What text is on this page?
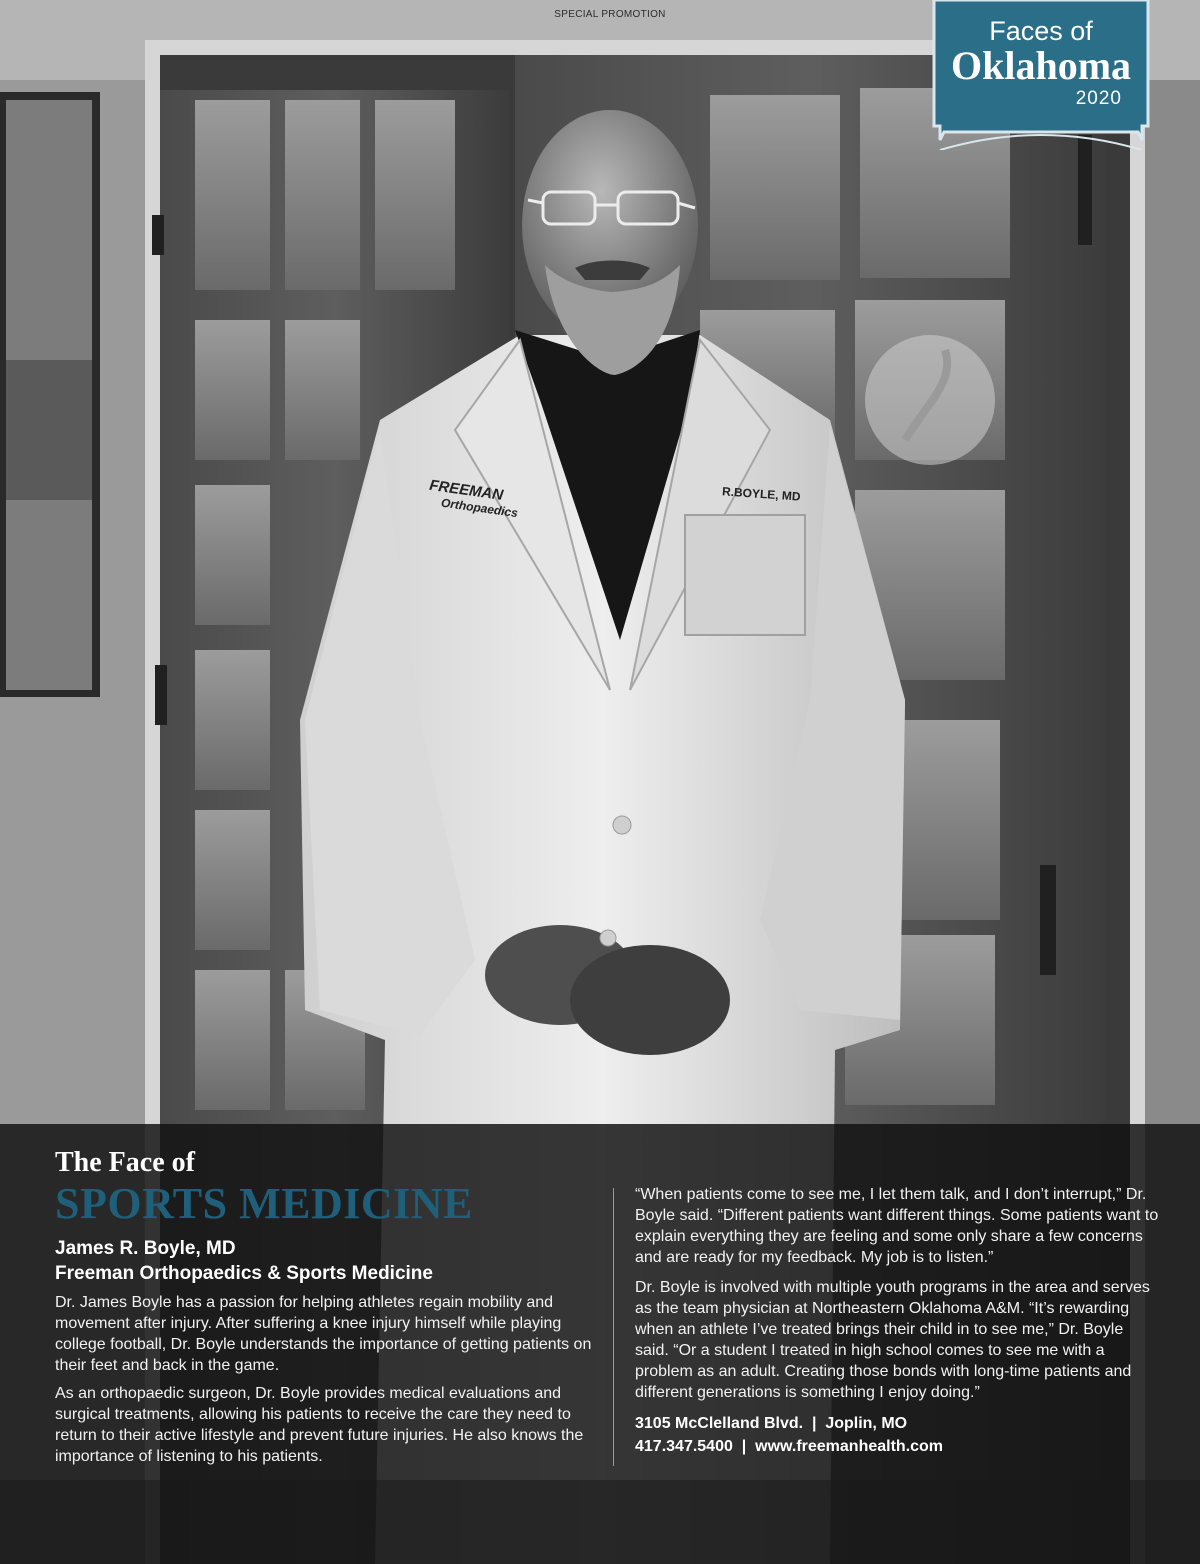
FREEMAN
Orthopaedics
R.BOYLE, MD
SPECIAL PROMOTION
Faces of
Oklahoma
2020

The Face of

SPORTS MEDICINE

James R. Boyle, MD

Freeman Orthopaedics & Sports Medicine

Dr. James Boyle has a passion for helping athletes regain mobility and movement after injury. After suffering a knee injury himself while playing college football, Dr. Boyle understands the importance of getting patients on their feet and back in the game.

As an orthopaedic surgeon, Dr. Boyle provides medical evaluations and surgical treatments, allowing his patients to receive the care they need to return to their active lifestyle and prevent future injuries. He also knows the importance of listening to his patients.

“When patients come to see me, I let them talk, and I don’t interrupt,” Dr. Boyle said. “Different patients want different things. Some patients want to explain everything they are feeling and some only share a few concerns and are ready for my feedback. My job is to listen.”

Dr. Boyle is involved with multiple youth programs in the area and serves as the team physician at Northeastern Oklahoma A&M. “It’s rewarding when an athlete I’ve treated brings their child in to see me,” Dr. Boyle said. “Or a student I treated in high school comes to see me with a problem as an adult. Creating those bonds with long-time patients and different generations is something I enjoy doing.”

3105 McClelland Blvd.  |  Joplin, MO

417.347.5400  |  www.freemanhealth.com
